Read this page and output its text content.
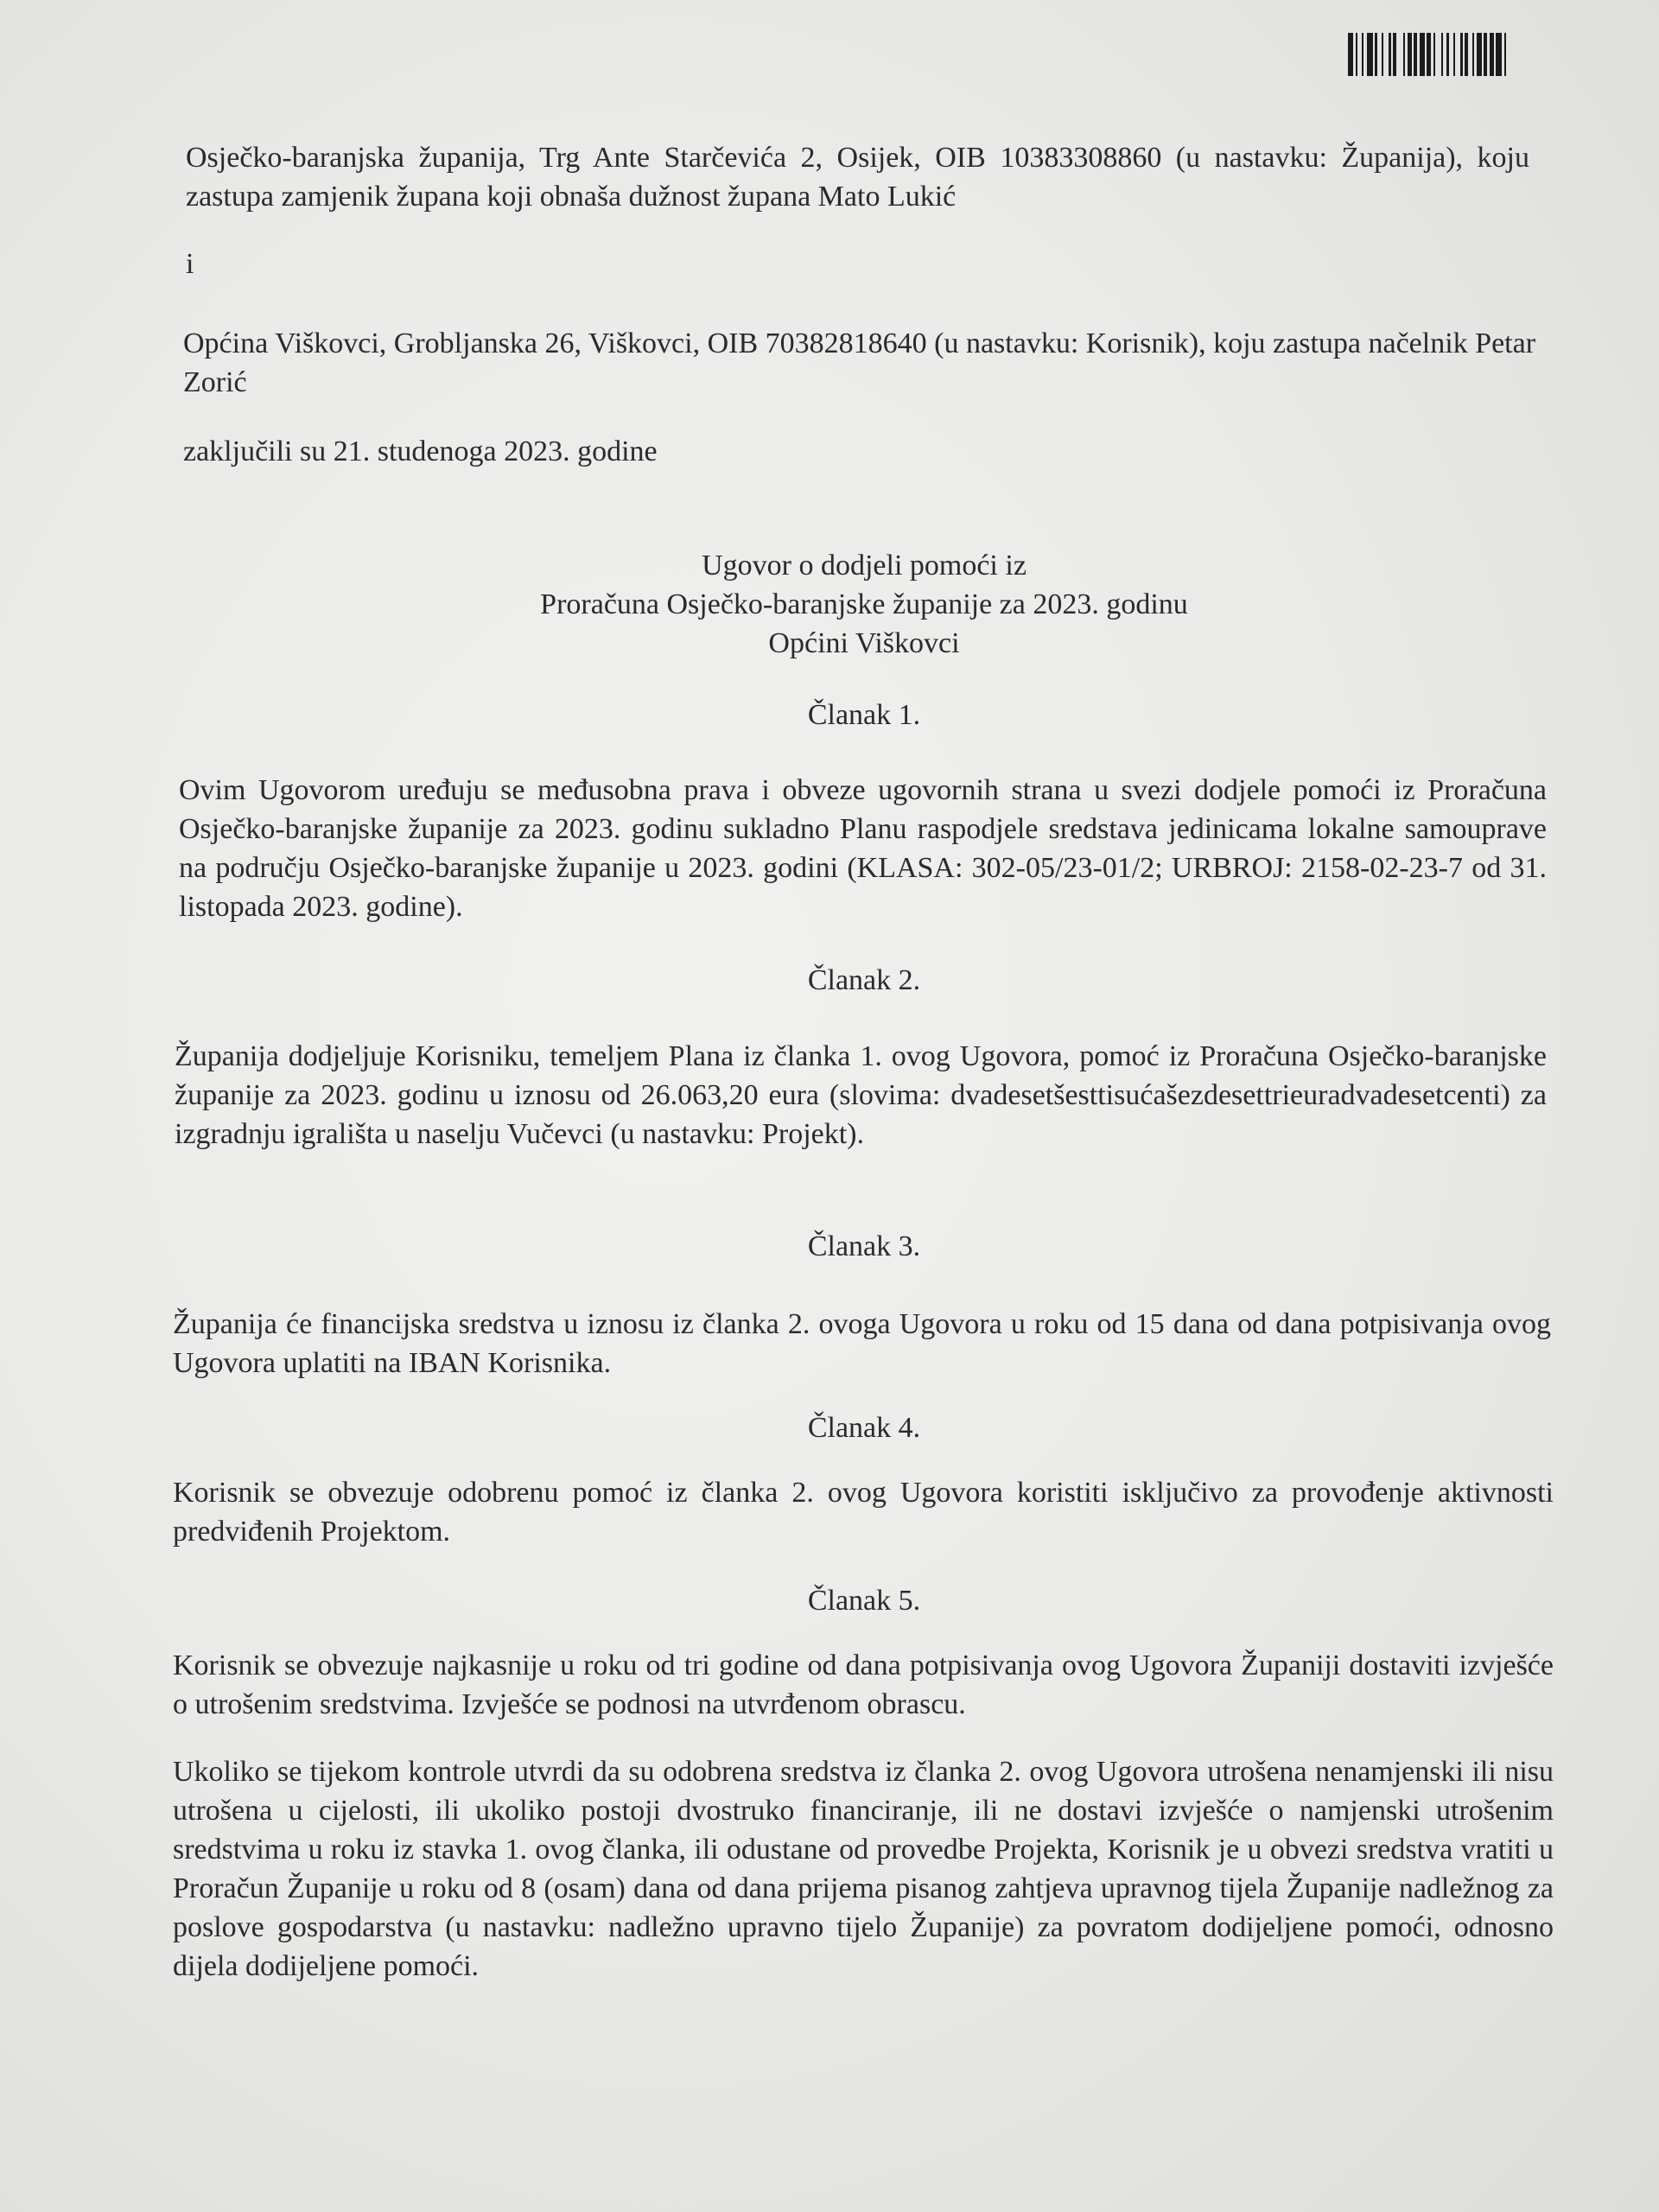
Osječko-baranjska županija, Trg Ante Starčevića 2, Osijek, OIB 10383308860 (u nastavku: Županija), koju zastupa zamjenik župana koji obnaša dužnost župana Mato Lukić
i
Općina Viškovci, Grobljanska 26, Viškovci, OIB 70382818640 (u nastavku: Korisnik), koju zastupa načelnik Petar Zorić
zaključili su 21. studenoga 2023. godine

Ugovor o dodjeli pomoći iz

Proračuna Osječko-baranjske županije za 2023. godinu

Općini Viškovci

Članak 1.
Ovim Ugovorom uređuju se međusobna prava i obveze ugovornih strana u svezi dodjele pomoći iz Proračuna Osječko-baranjske županije za 2023. godinu sukladno Planu raspodjele sredstava jedinicama lokalne samouprave na području Osječko-baranjske županije u 2023. godini (KLASA: 302-05/23-01/2; URBROJ: 2158-02-23-7 od 31. listopada 2023. godine).
Članak 2.
Županija dodjeljuje Korisniku, temeljem Plana iz članka 1. ovog Ugovora, pomoć iz Proračuna Osječko-baranjske županije za 2023. godinu u iznosu od 26.063,20 eura (slovima: dvadesetšesttisućašezdesettrieuradvadesetcenti) za izgradnju igrališta u naselju Vučevci (u nastavku: Projekt).
Članak 3.
Županija će financijska sredstva u iznosu iz članka 2. ovoga Ugovora u roku od 15 dana od dana potpisivanja ovog Ugovora uplatiti na IBAN Korisnika.
Članak 4.
Korisnik se obvezuje odobrenu pomoć iz članka 2. ovog Ugovora koristiti isključivo za provođenje aktivnosti predviđenih Projektom.
Članak 5.
Korisnik se obvezuje najkasnije u roku od tri godine od dana potpisivanja ovog Ugovora Županiji dostaviti izvješće o utrošenim sredstvima. Izvješće se podnosi na utvrđenom obrascu.
Ukoliko se tijekom kontrole utvrdi da su odobrena sredstva iz članka 2. ovog Ugovora utrošena nenamjenski ili nisu utrošena u cijelosti, ili ukoliko postoji dvostruko financiranje, ili ne dostavi izvješće o namjenski utrošenim sredstvima u roku iz stavka 1. ovog članka, ili odustane od provedbe Projekta, Korisnik je u obvezi sredstva vratiti u Proračun Županije u roku od 8 (osam) dana od dana prijema pisanog zahtjeva upravnog tijela Županije nadležnog za poslove gospodarstva (u nastavku: nadležno upravno tijelo Županije) za povratom dodijeljene pomoći, odnosno dijela dodijeljene pomoći.
